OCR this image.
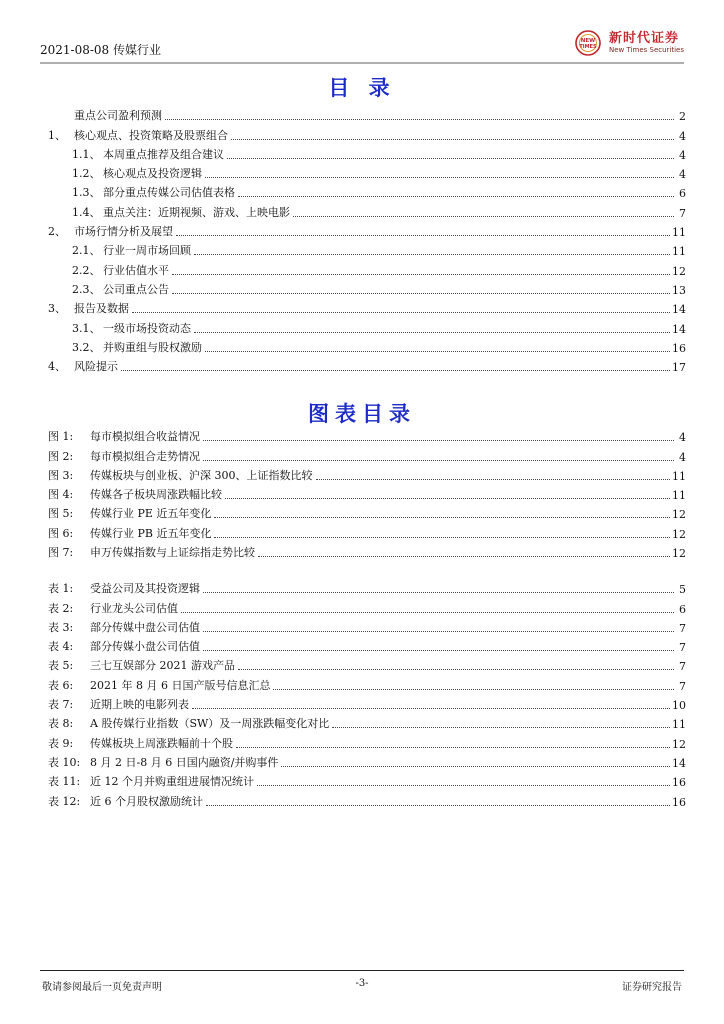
2021-08-08 传媒行业
NEW
TIMES
新时代证券
New Times Securities
目 录
重点公司盈利预测	2
1、 核心观点、投资策略及股票组合	4
1.1、 本周重点推荐及组合建议	4
1.2、 核心观点及投资逻辑	4
1.3、 部分重点传媒公司估值表格	6
1.4、 重点关注：近期视频、游戏、上映电影	7
2、 市场行情分析及展望	11
2.1、 行业一周市场回顾	11
2.2、 行业估值水平	12
2.3、 公司重点公告	13
3、 报告及数据	14
3.1、 一级市场投资动态	14
3.2、 并购重组与股权激励	16
4、 风险提示	17
图表目录
图 1:	每市模拟组合收益情况	4
图 2:	每市模拟组合走势情况	4
图 3:	传媒板块与创业板、沪深 300、上证指数比较	11
图 4:	传媒各子板块周涨跌幅比较	11
图 5:	传媒行业 PE 近五年变化	12
图 6:	传媒行业 PB 近五年变化	12
图 7:	申万传媒指数与上证综指走势比较	12
表 1:	受益公司及其投资逻辑	5
表 2:	行业龙头公司估值	6
表 3:	部分传媒中盘公司估值	7
表 4:	部分传媒小盘公司估值	7
表 5:	三七互娱部分 2021 游戏产品	7
表 6:	2021 年 8 月 6 日国产版号信息汇总	7
表 7:	近期上映的电影列表	10
表 8:	A 股传媒行业指数（SW）及一周涨跌幅变化对比	11
表 9:	传媒板块上周涨跌幅前十个股	12
表 10: 8 月 2 日-8 月 6 日国内融资/并购事件	14
表 11: 近 12 个月并购重组进展情况统计	16
表 12: 近 6 个月股权激励统计	16
敬请参阅最后一页免责声明	-3-	证券研究报告
